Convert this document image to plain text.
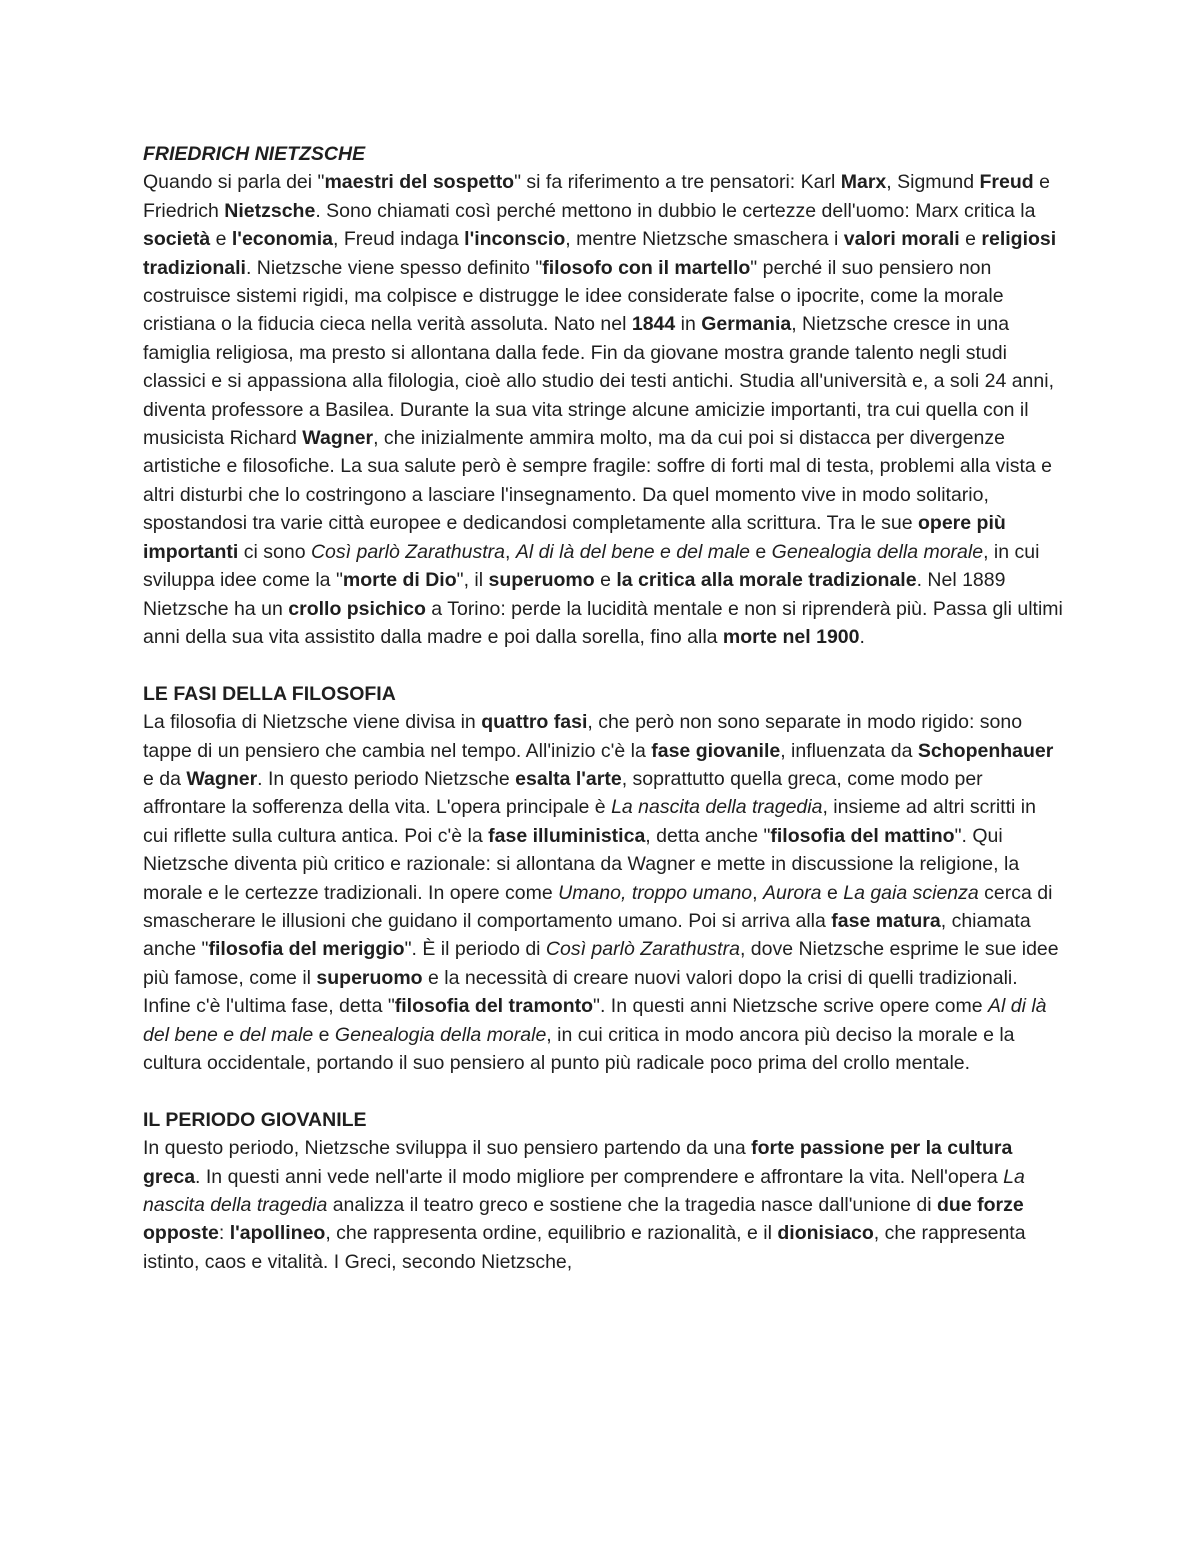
FRIEDRICH NIETZSCHE
Quando si parla dei "maestri del sospetto" si fa riferimento a tre pensatori: Karl Marx, Sigmund Freud e Friedrich Nietzsche. Sono chiamati così perché mettono in dubbio le certezze dell'uomo: Marx critica la società e l'economia, Freud indaga l'inconscio, mentre Nietzsche smaschera i valori morali e religiosi tradizionali. Nietzsche viene spesso definito "filosofo con il martello" perché il suo pensiero non costruisce sistemi rigidi, ma colpisce e distrugge le idee considerate false o ipocrite, come la morale cristiana o la fiducia cieca nella verità assoluta. Nato nel 1844 in Germania, Nietzsche cresce in una famiglia religiosa, ma presto si allontana dalla fede. Fin da giovane mostra grande talento negli studi classici e si appassiona alla filologia, cioè allo studio dei testi antichi. Studia all'università e, a soli 24 anni, diventa professore a Basilea. Durante la sua vita stringe alcune amicizie importanti, tra cui quella con il musicista Richard Wagner, che inizialmente ammira molto, ma da cui poi si distacca per divergenze artistiche e filosofiche. La sua salute però è sempre fragile: soffre di forti mal di testa, problemi alla vista e altri disturbi che lo costringono a lasciare l'insegnamento. Da quel momento vive in modo solitario, spostandosi tra varie città europee e dedicandosi completamente alla scrittura. Tra le sue opere più importanti ci sono Così parlò Zarathustra, Al di là del bene e del male e Genealogia della morale, in cui sviluppa idee come la "morte di Dio", il superuomo e la critica alla morale tradizionale. Nel 1889 Nietzsche ha un crollo psichico a Torino: perde la lucidità mentale e non si riprenderà più. Passa gli ultimi anni della sua vita assistito dalla madre e poi dalla sorella, fino alla morte nel 1900.
LE FASI DELLA FILOSOFIA
La filosofia di Nietzsche viene divisa in quattro fasi, che però non sono separate in modo rigido: sono tappe di un pensiero che cambia nel tempo. All'inizio c'è la fase giovanile, influenzata da Schopenhauer e da Wagner. In questo periodo Nietzsche esalta l'arte, soprattutto quella greca, come modo per affrontare la sofferenza della vita. L'opera principale è La nascita della tragedia, insieme ad altri scritti in cui riflette sulla cultura antica. Poi c'è la fase illuministica, detta anche "filosofia del mattino". Qui Nietzsche diventa più critico e razionale: si allontana da Wagner e mette in discussione la religione, la morale e le certezze tradizionali. In opere come Umano, troppo umano, Aurora e La gaia scienza cerca di smascherare le illusioni che guidano il comportamento umano. Poi si arriva alla fase matura, chiamata anche "filosofia del meriggio". È il periodo di Così parlò Zarathustra, dove Nietzsche esprime le sue idee più famose, come il superuomo e la necessità di creare nuovi valori dopo la crisi di quelli tradizionali. Infine c'è l'ultima fase, detta "filosofia del tramonto". In questi anni Nietzsche scrive opere come Al di là del bene e del male e Genealogia della morale, in cui critica in modo ancora più deciso la morale e la cultura occidentale, portando il suo pensiero al punto più radicale poco prima del crollo mentale.
IL PERIODO GIOVANILE
In questo periodo, Nietzsche sviluppa il suo pensiero partendo da una forte passione per la cultura greca. In questi anni vede nell'arte il modo migliore per comprendere e affrontare la vita. Nell'opera La nascita della tragedia analizza il teatro greco e sostiene che la tragedia nasce dall'unione di due forze opposte: l'apollineo, che rappresenta ordine, equilibrio e razionalità, e il dionisiaco, che rappresenta istinto, caos e vitalità. I Greci, secondo Nietzsche,
